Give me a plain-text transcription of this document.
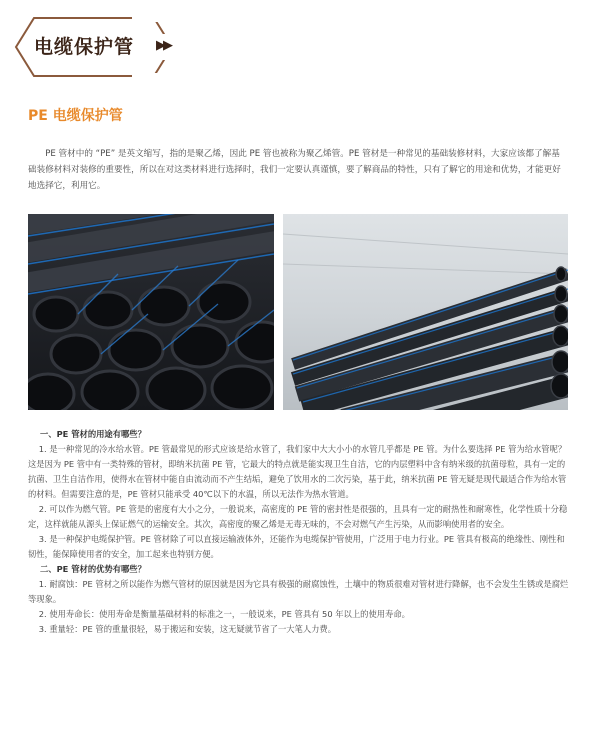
电缆保护管 ▶▶
PE 电缆保护管
PE 管材中的 “PE” 是英文缩写，指的是聚乙烯，因此 PE 管也被称为聚乙烯管。PE 管材是一种常见的基础装修材料，大家应该都了解基础装修材料对装修的重要性，所以在对这类材料进行选择时，我们一定要认真谨慎，要了解商品的特性，只有了解它的用途和优势，才能更好地选择它，利用它。

一、PE 管材的用途有哪些？

1. 是一种常见的冷水给水管。PE 管最常见的形式应该是给水管了，我们家中大大小小的水管几乎都是 PE 管。为什么要选择 PE 管为给水管呢？这是因为 PE 管中有一类特殊的管材，即纳米抗菌 PE 管，它最大的特点就是能实现卫生自洁，它的内层塑料中含有纳米级的抗菌母粒，具有一定的抗菌、卫生自洁作用，使得水在管材中能自由流动而不产生结垢，避免了饮用水的二次污染，基于此，纳米抗菌 PE 管无疑是现代最适合作为给水管的材料。但需要注意的是，PE 管材只能承受 40℃以下的水温，所以无法作为热水管道。

2. 可以作为燃气管。PE 管是的密度有大小之分，一般说来，高密度的 PE 管的密封性是很强的，且具有一定的耐热性和耐寒性，化学性质十分稳定，这样就能从源头上保证燃气的运输安全。其次，高密度的聚乙烯是无毒无味的，不会对燃气产生污染，从而影响使用者的安全。

3. 是一种保护电缆保护管。PE 管材除了可以直接运输液体外，还能作为电缆保护管使用，广泛用于电力行业。PE 管具有极高的绝缘性、刚性和韧性，能保障使用者的安全，加工起来也特别方便。

二、PE 管材的优势有哪些？

1. 耐腐蚀：PE 管材之所以能作为燃气管材的原因就是因为它具有极强的耐腐蚀性，土壤中的物质很难对管材进行降解，也不会发生生锈或是腐烂等现象。

2. 使用寿命长：使用寿命是衡量基础材料的标准之一，一般说来，PE 管具有 50 年以上的使用寿命。

3. 重量轻：PE 管的重量很轻，易于搬运和安装，这无疑就节省了一大笔人力费。
